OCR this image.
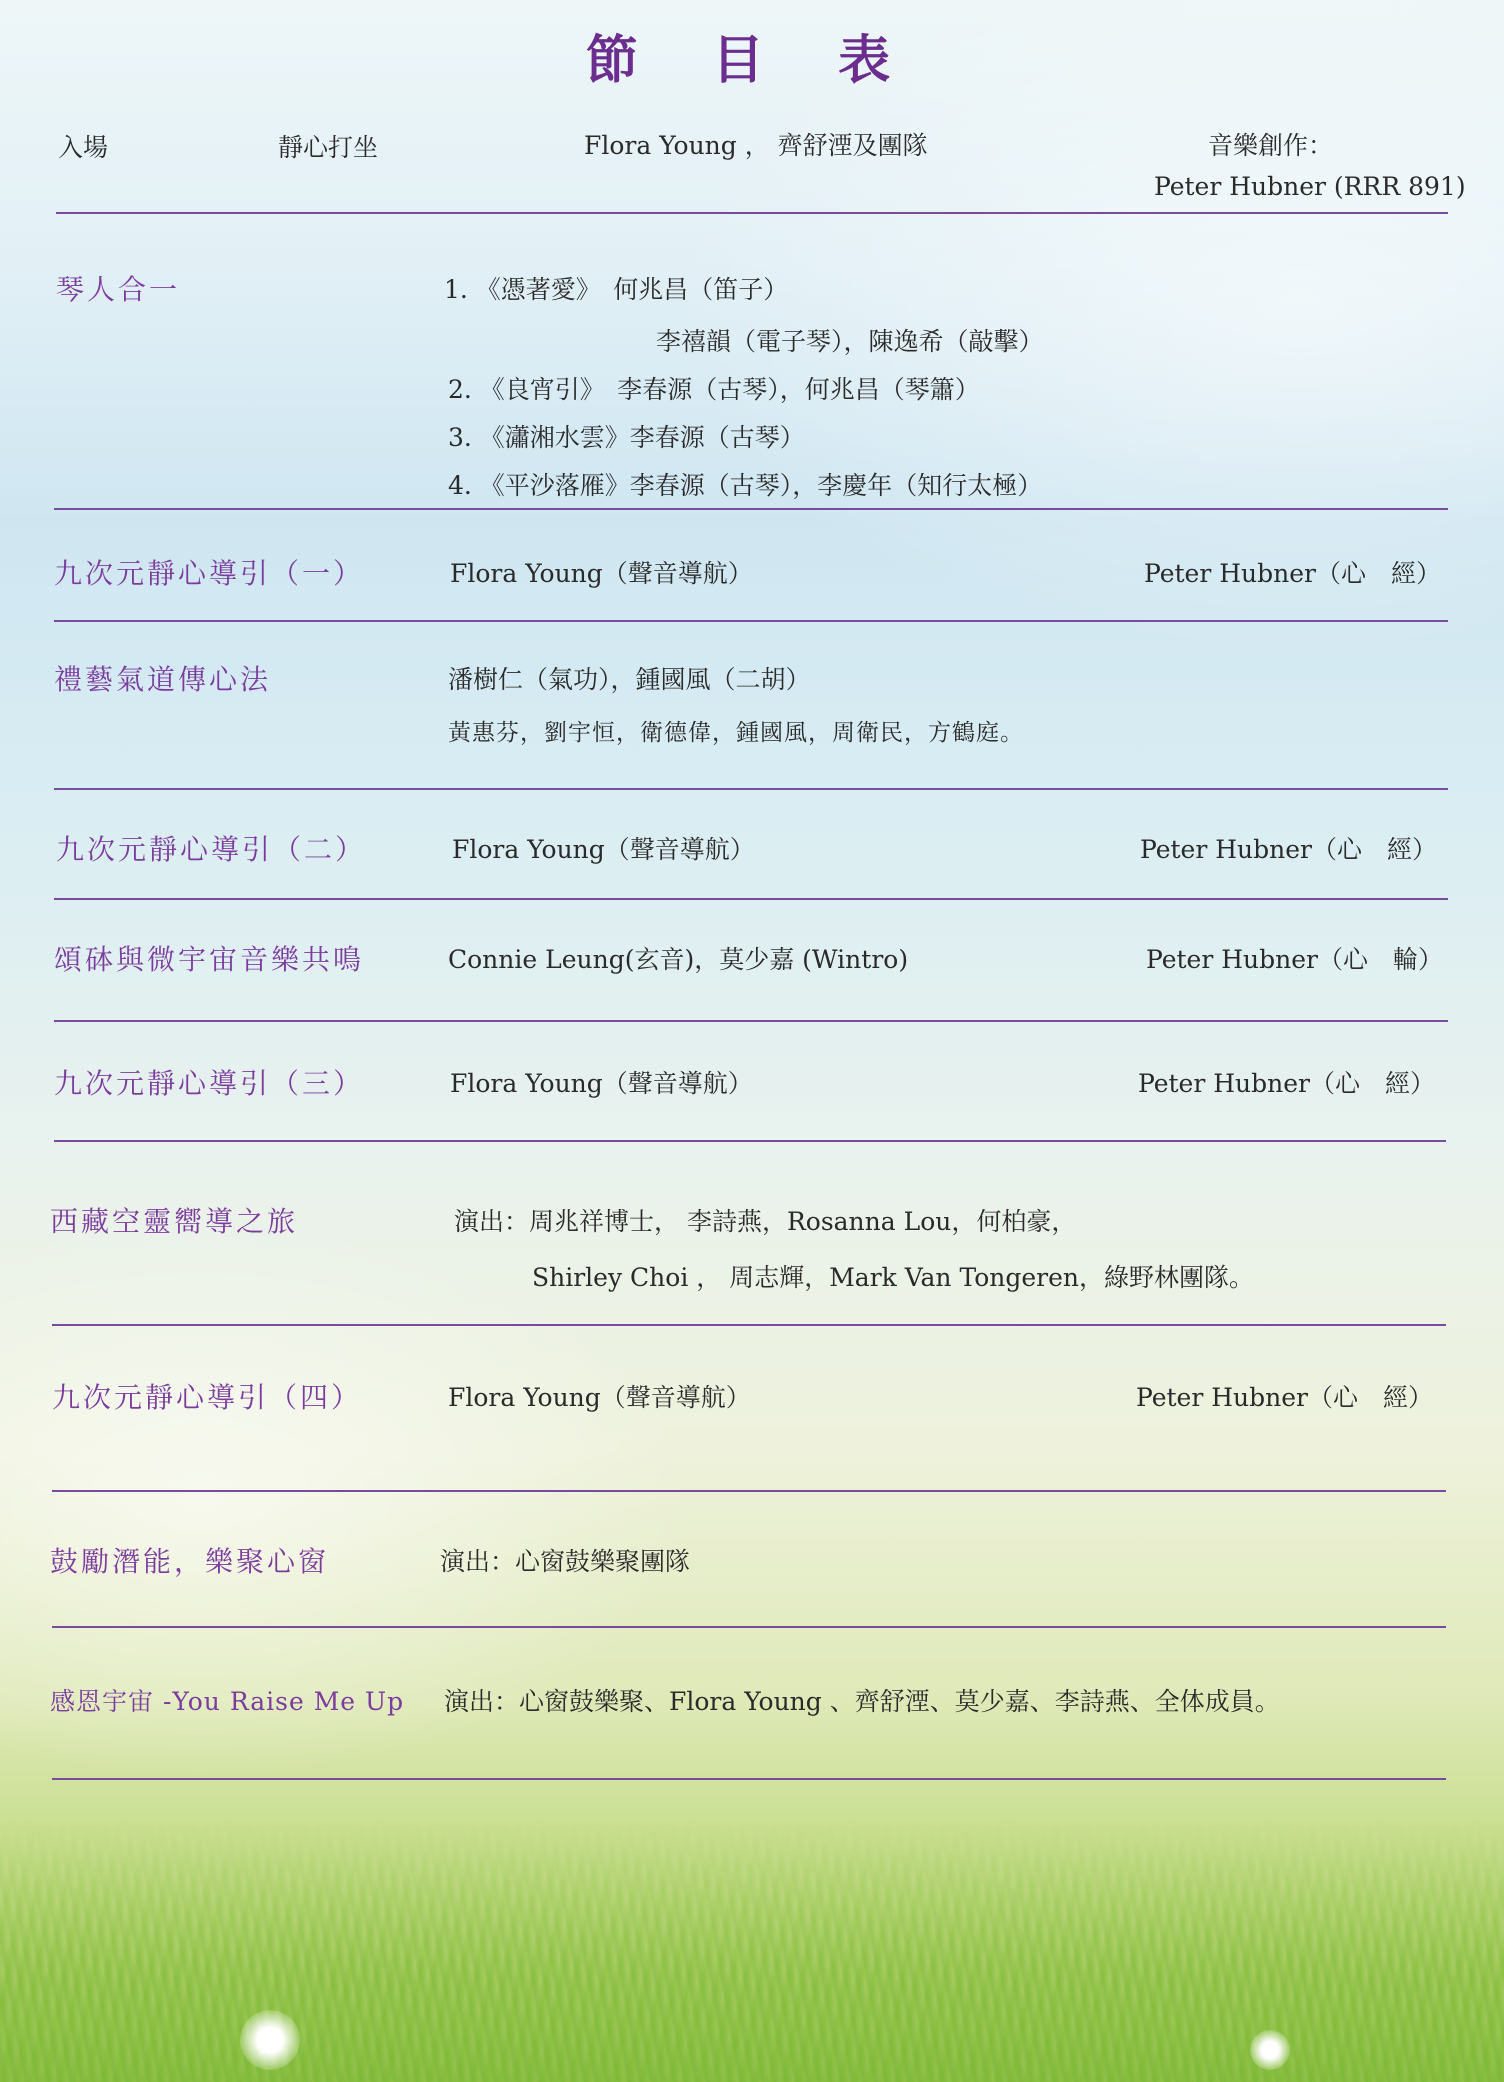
節 目 表
入場	靜心打坐	Flora Young ， 齊舒湮及團隊	音樂創作：
Peter Hubner (RRR 891)
琴人合一	1. 《憑著愛》　何兆昌（笛子）
李禧韻（電子琴），陳逸希（敲擊）
2. 《良宵引》　李春源（古琴），何兆昌（琴簫）
3. 《瀟湘水雲》李春源（古琴）
4. 《平沙落雁》李春源（古琴），李慶年（知行太極）
九次元靜心導引（一）	Flora Young（聲音導航）	Peter Hubner（心　經）
禮藝氣道傳心法	潘樹仁（氣功），鍾國風（二胡）
黃惠芬，劉宇恒，衛德偉，鍾國風，周衛民，方鶴庭。
九次元靜心導引（二）	Flora Young（聲音導航）	Peter Hubner（心　經）
頌砵與微宇宙音樂共鳴	Connie Leung(玄音)，莫少嘉 (Wintro)	Peter Hubner（心　輪）
九次元靜心導引（三）	Flora Young（聲音導航）	Peter Hubner（心　經）
西藏空靈嚮導之旅	演出：周兆祥博士， 李詩燕，Rosanna Lou，何柏豪，
Shirley Choi ， 周志輝，Mark Van Tongeren，綠野林團隊。
九次元靜心導引（四）	Flora Young（聲音導航）	Peter Hubner（心　經）
鼓勵潛能，樂聚心窗	演出：心窗鼓樂聚團隊
感恩宇宙 -You Raise Me Up 演出：心窗鼓樂聚、Flora Young 、齊舒湮、莫少嘉、李詩燕、全体成員。
